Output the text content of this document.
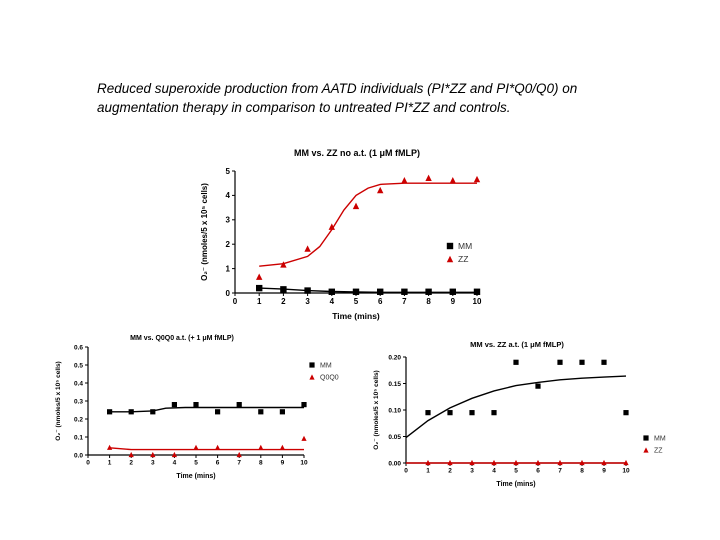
Reduced superoxide production from AATD individuals (PI*ZZ and PI*Q0/Q0) on
augmentation therapy in comparison to untreated PI*ZZ and controls.
MM vs. ZZ no a.t. (1 μM fMLP)
0 1 2 3 4 5 6 7 8 9 10
0
1
2
3
4
5
Time (mins)
O₂⁻ (nmoles/5 x 10⁵ cells)	MM
ZZ
MM vs. Q0Q0 a.t. (+ 1 μM fMLP)
0	1	2	3	4	5	6	7	8	9 10
0.0
0.1
0.2
0.3
0.4
0.5
0.6
Time (mins)
O₂⁻ (nmoles/5 x 10⁵ cells)	MM
Q0Q0
MM vs. ZZ a.t. (1 μM fMLP)
0	1	2	3	4	5	6	7	8	9	10
0.00
0.05
0.10
0.15
0.20
Time (mins)
O₂⁻ (nmoles/5 x 10⁵ cells)	MM
ZZ
